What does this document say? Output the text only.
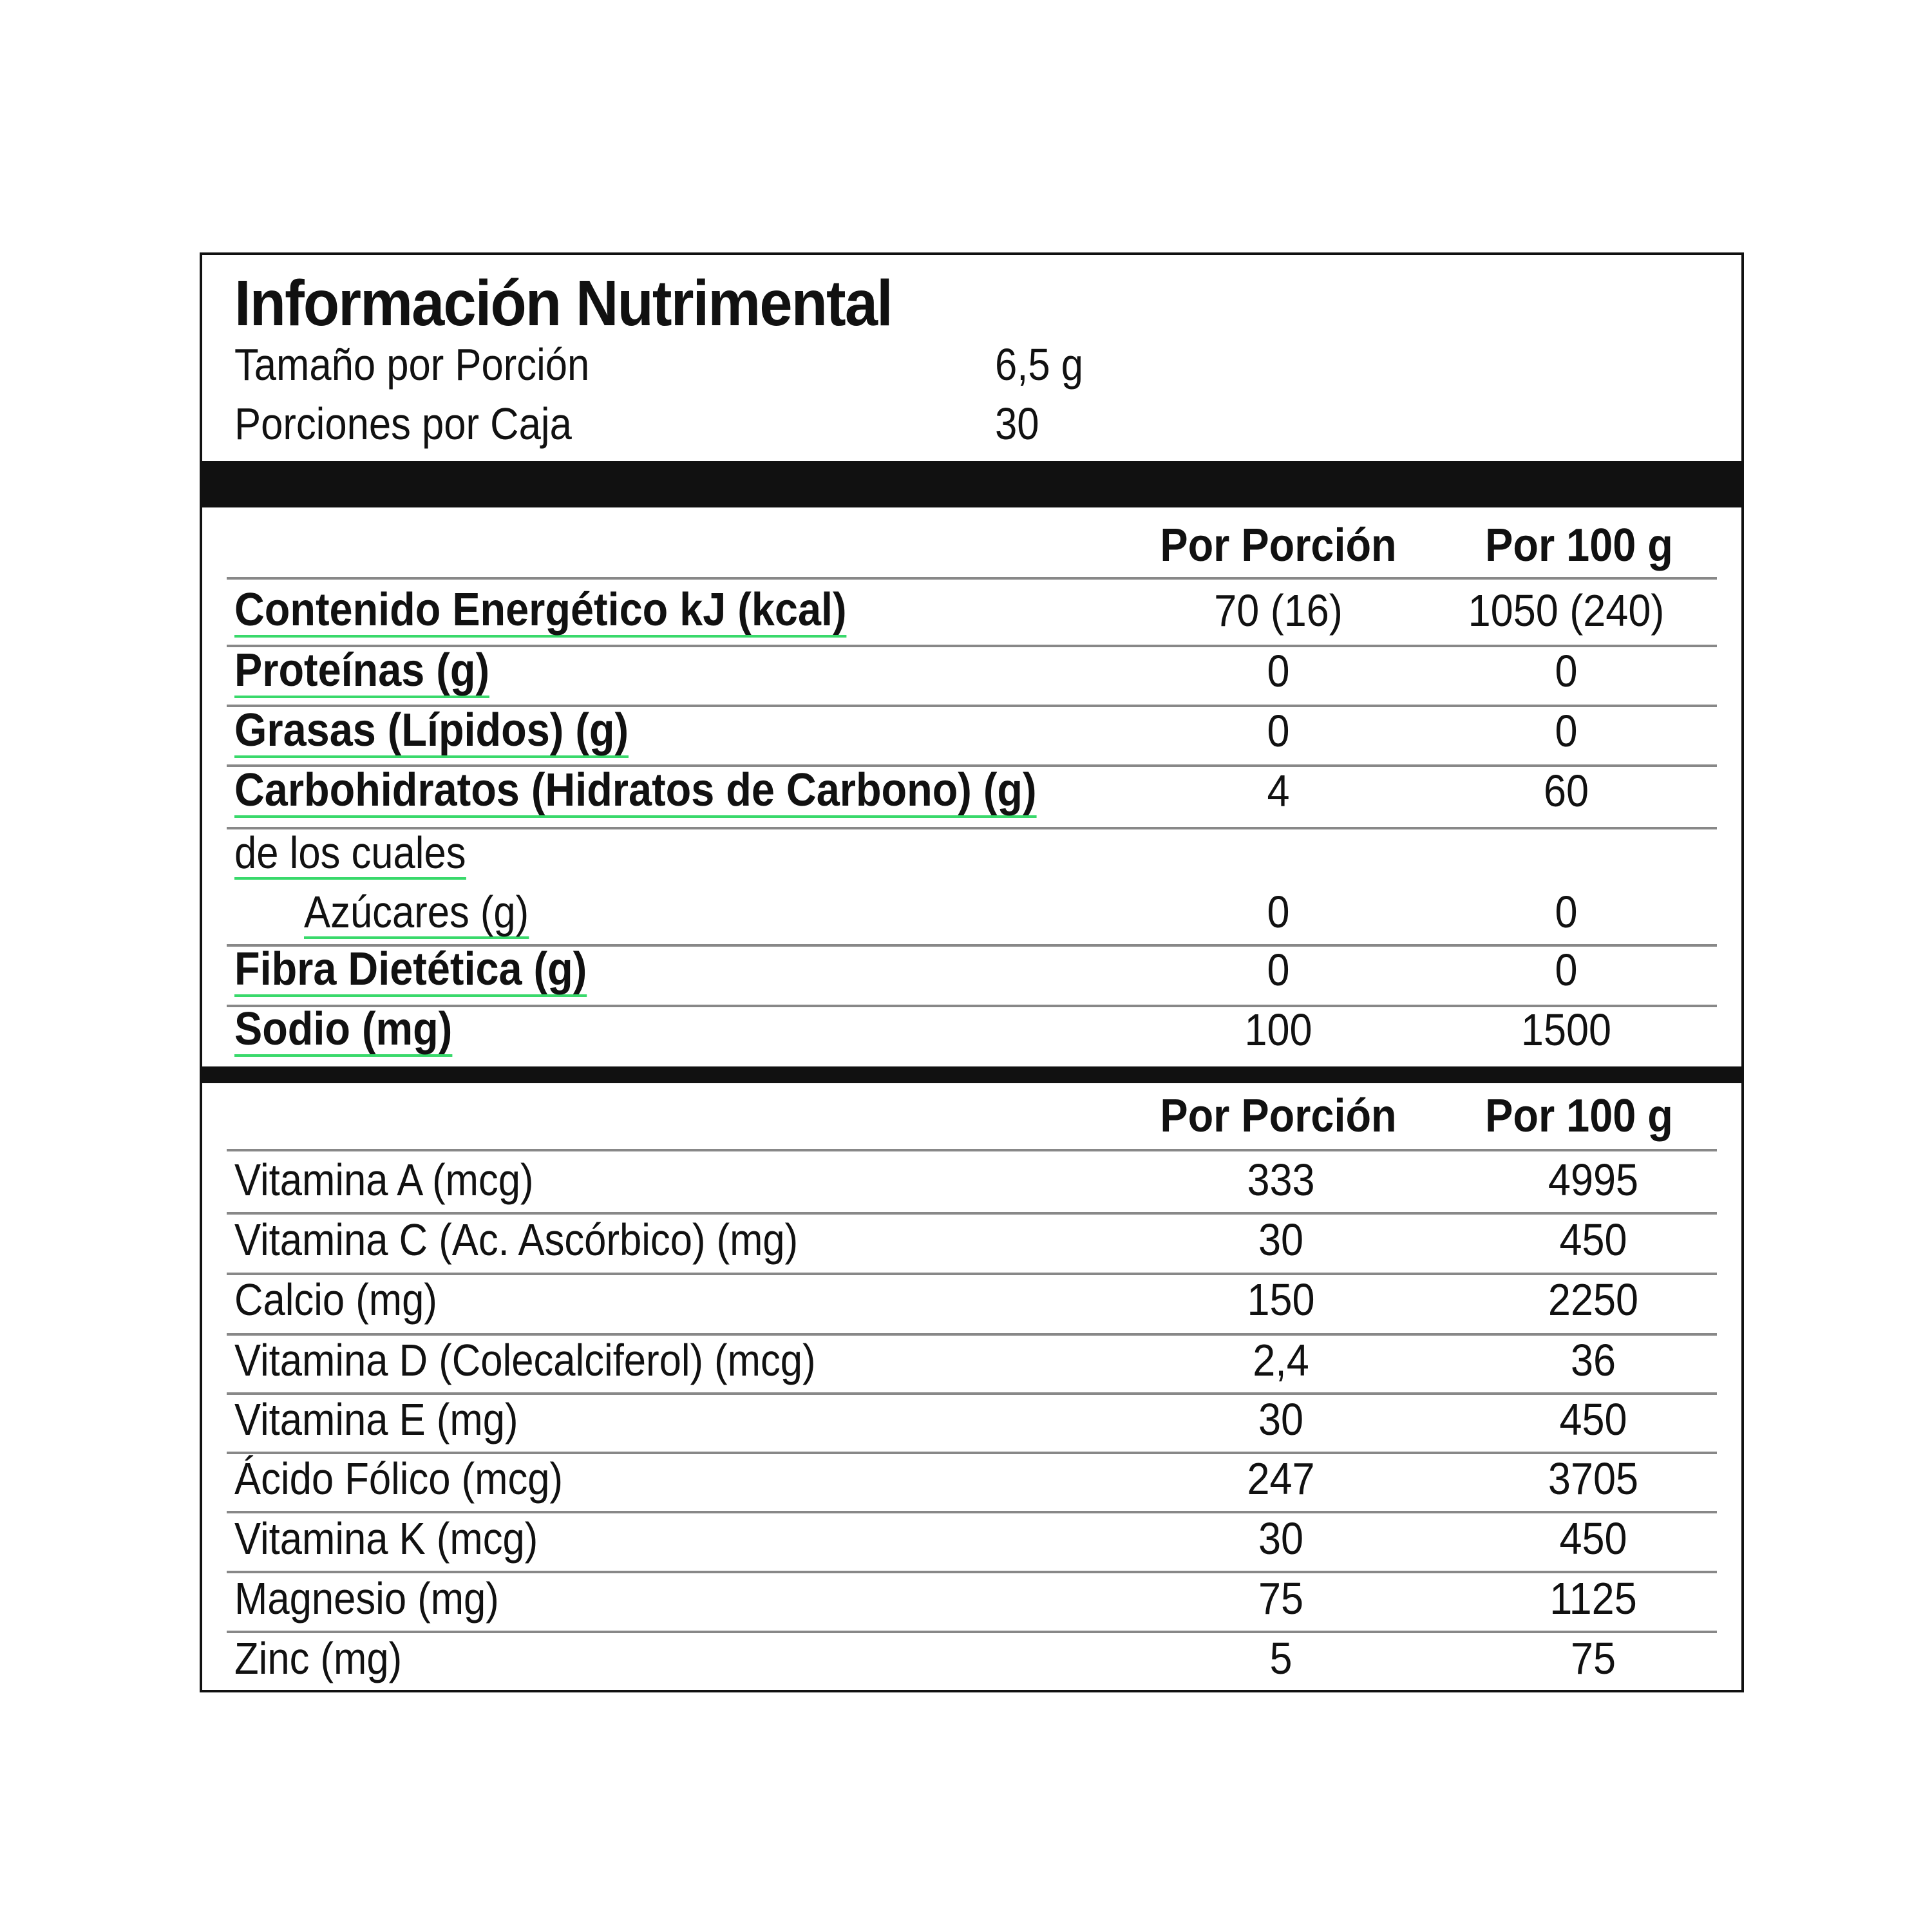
Información Nutrimental
Tamaño por Porción	6,5 g
Porciones por Caja	30
Por Porción Por 100 g
Contenido Energético kJ (kcal)	70 (16)	1050 (240)
Proteínas (g)	0	0
Grasas (Lípidos) (g)	0	0
Carbohidratos (Hidratos de Carbono) (g)	4	60
de los cuales
Azúcares (g)	0	0
Fibra Dietética (g)	0	0
Sodio (mg)	100	1500
Por Porción Por 100 g
Vitamina A (mcg)	333	4995
Vitamina C (Ac. Ascórbico) (mg)	30	450
Calcio (mg)	150	2250
Vitamina D (Colecalciferol) (mcg)	2,4	36
Vitamina E (mg)	30	450
Ácido Fólico (mcg)	247	3705
Vitamina K (mcg)	30	450
Magnesio (mg)	75	1125
Zinc (mg)	5	75
